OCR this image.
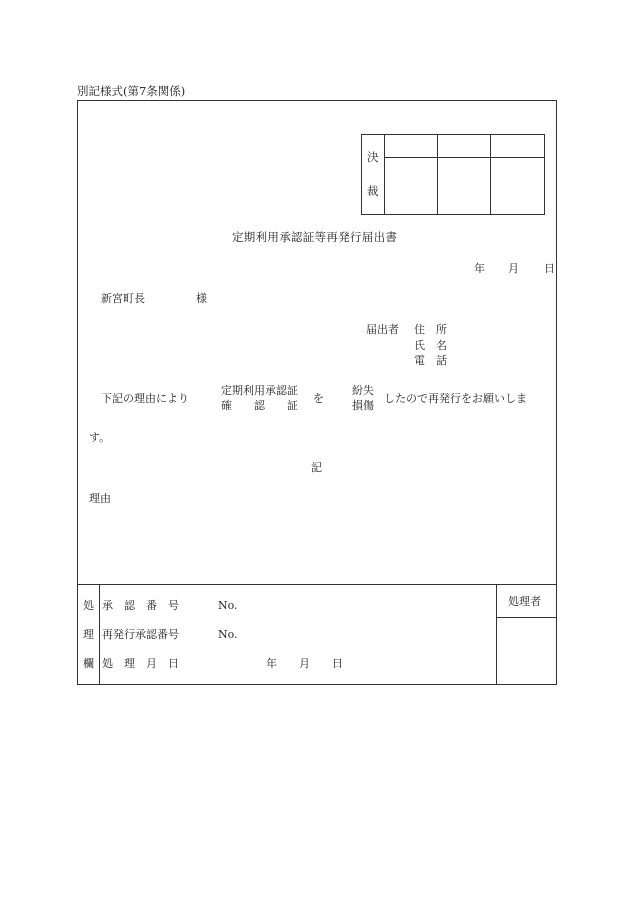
別記様式(第7条関係)
決
裁
定期利用承認証等再発行届出書
年 月 日
新宮町長	様
届出者 住　所
氏　名
電　話
下記の理由により
定期利用承認証
確　　認　　証
を
紛失
損傷
したので再発行をお願いしま
す。
記
理由
処
理
欄
承　認　番　号	No.
再発行承認番号	No.
処　理　月　日	年　　月　　日
処理者
